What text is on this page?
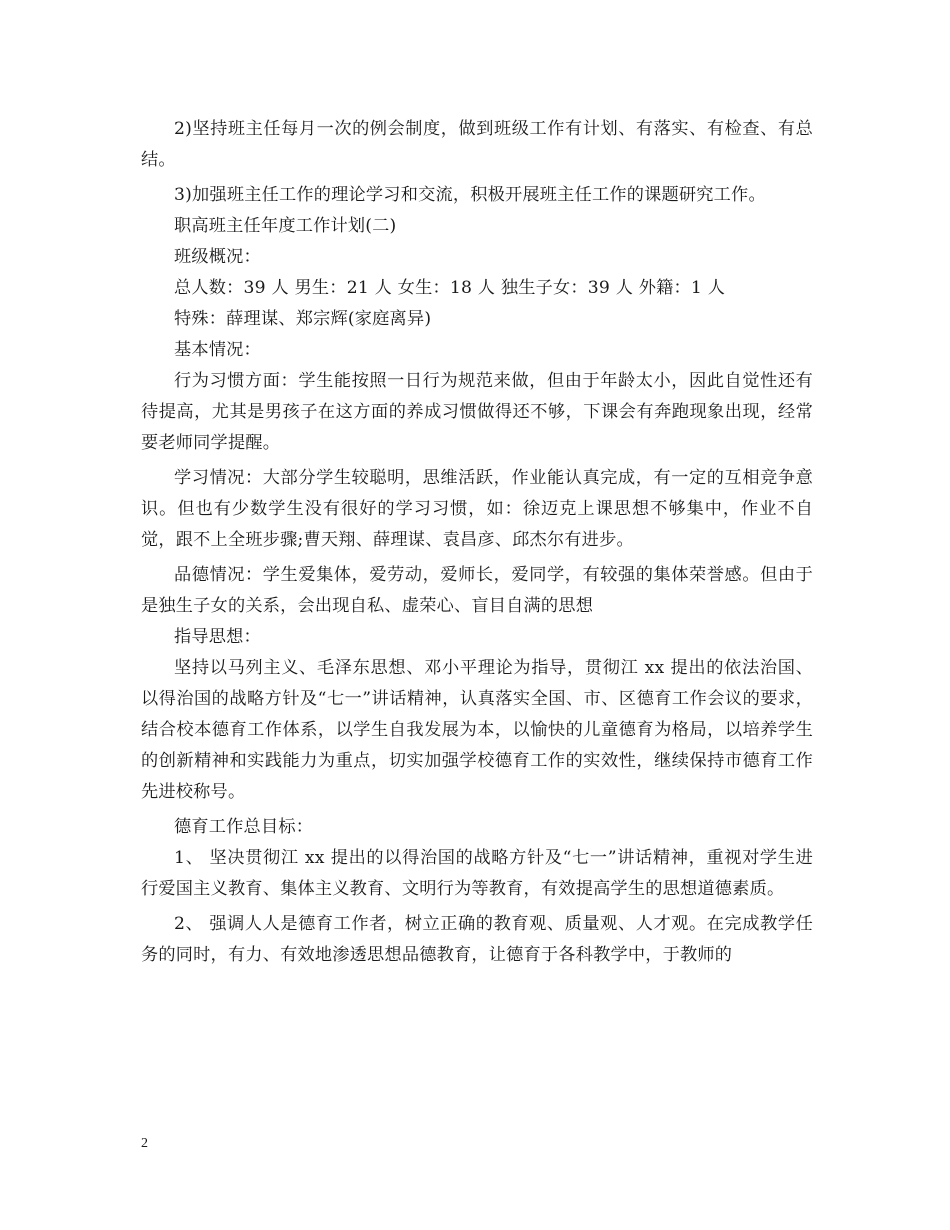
2)坚持班主任每月一次的例会制度，做到班级工作有计划、有落实、有检查、有总结。

3)加强班主任工作的理论学习和交流，积极开展班主任工作的课题研究工作。

职高班主任年度工作计划(二)

班级概况：

总人数：39 人 男生：21 人 女生：18 人 独生子女：39 人 外籍：1 人

特殊：薛理谋、郑宗辉(家庭离异)

基本情况：

行为习惯方面：学生能按照一日行为规范来做，但由于年龄太小，因此自觉性还有待提高，尤其是男孩子在这方面的养成习惯做得还不够，下课会有奔跑现象出现，经常要老师同学提醒。

学习情况：大部分学生较聪明，思维活跃，作业能认真完成，有一定的互相竞争意识。但也有少数学生没有很好的学习习惯，如：徐迈克上课思想不够集中，作业不自觉，跟不上全班步骤;曹天翔、薛理谋、袁昌彦、邱杰尔有进步。

品德情况：学生爱集体，爱劳动，爱师长，爱同学，有较强的集体荣誉感。但由于是独生子女的关系，会出现自私、虚荣心、盲目自满的思想

指导思想：

坚持以马列主义、毛泽东思想、邓小平理论为指导，贯彻江 xx 提出的依法治国、以得治国的战略方针及“七一”讲话精神，认真落实全国、市、区德育工作会议的要求，结合校本德育工作体系，以学生自我发展为本，以愉快的儿童德育为格局，以培养学生的创新精神和实践能力为重点，切实加强学校德育工作的实效性，继续保持市德育工作先进校称号。

德育工作总目标：

1、 坚决贯彻江 xx 提出的以得治国的战略方针及“七一”讲话精神，重视对学生进行爱国主义教育、集体主义教育、文明行为等教育，有效提高学生的思想道德素质。

2、 强调人人是德育工作者，树立正确的教育观、质量观、人才观。在完成教学任务的同时，有力、有效地渗透思想品德教育，让德育于各科教学中，于教师的

2
